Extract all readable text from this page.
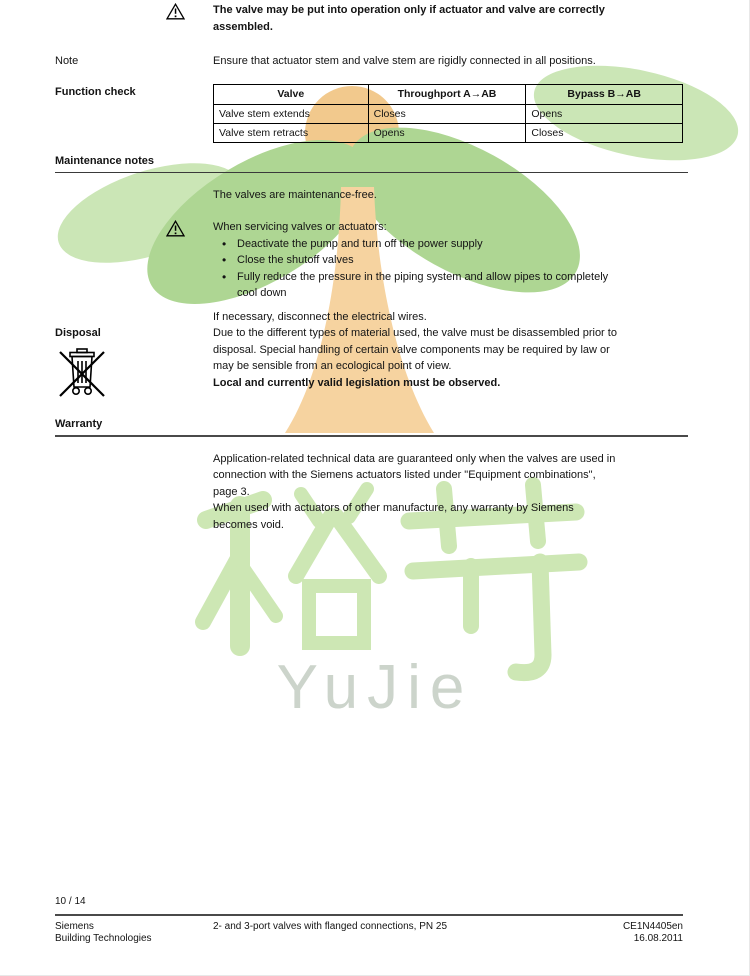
YuJie
The valve may be put into operation only if actuator and valve are correctly
assembled.
Note	Ensure that actuator stem and valve stem are rigidly connected in all positions.
Function check	Valve	Throughport A→AB	Bypass B→AB
Valve stem extends	Closes	Opens
Valve stem retracts	Opens	Closes
Maintenance notes
The valves are maintenance-free.
When servicing valves or actuators:
• Deactivate the pump and turn off the power supply
• Close the shutoff valves
• Fully reduce the pressure in the piping system and allow pipes to completely
cool down
If necessary, disconnect the electrical wires.
Disposal	Due to the different types of material used, the valve must be disassembled prior to
disposal. Special handling of certain valve components may be required by law or
may be sensible from an ecological point of view.
Local and currently valid legislation must be observed.
Warranty
Application-related technical data are guaranteed only when the valves are used in
connection with the Siemens actuators listed under "Equipment combinations",
page 3.
When used with actuators of other manufacture, any warranty by Siemens
becomes void.
10 / 14
Siemens
Building Technologies
2- and 3-port valves with flanged connections, PN 25	CE1N4405en
16.08.2011
